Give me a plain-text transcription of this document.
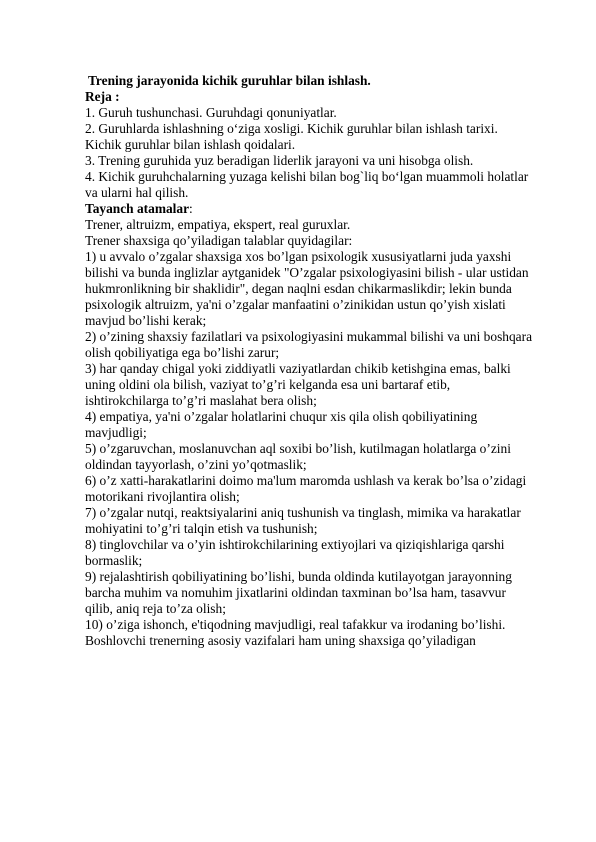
Trening jarayonida kichik guruhlar bilan ishlash.
Reja :
1. Guruh tushunchasi. Guruhdagi qonuniyatlar.
2. Guruhlarda ishlashning o‘ziga xosligi. Kichik guruhlar bilan ishlash tarixi.
Kichik guruhlar bilan ishlash qoidalari.
3. Trening guruhida yuz beradigan liderlik jarayoni va uni hisobga olish.
4. Kichik guruhchalarning yuzaga kelishi bilan bog`liq bo‘lgan muammoli holatlar
va ularni hal qilish.
Tayanch atamalar:
Trener, altruizm, empatiya, ekspert, real guruxlar.
Trener shaxsiga qo’yiladigan talablar quyidagilar:
1) u avvalo o’zgalar shaxsiga xos bo’lgan psixologik xususiyatlarni juda yaxshi
bilishi va bunda inglizlar aytganidek "O’zgalar psixologiyasini bilish - ular ustidan
hukmronlikning bir shaklidir", degan naqlni esdan chikarmaslikdir; lekin bunda
psixologik altruizm, ya'ni o’zgalar manfaatini o’zinikidan ustun qo’yish xislati
mavjud bo’lishi kerak;
2) o’zining shaxsiy fazilatlari va psixologiyasini mukammal bilishi va uni boshqara
olish qobiliyatiga ega bo’lishi zarur;
3) har qanday chigal yoki ziddiyatli vaziyatlardan chikib ketishgina emas, balki
uning oldini ola bilish, vaziyat to’g’ri kelganda esa uni bartaraf etib,
ishtirokchilarga to’g’ri maslahat bera olish;
4) empatiya, ya'ni o’zgalar holatlarini chuqur xis qila olish qobiliyatining
mavjudligi;
5) o’zgaruvchan, moslanuvchan aql soxibi bo’lish, kutilmagan holatlarga o’zini
oldindan tayyorlash, o’zini yo’qotmaslik;
6) o’z xatti-harakatlarini doimo ma'lum maromda ushlash va kerak bo’lsa o’zidagi
motorikani rivojlantira olish;
7) o’zgalar nutqi, reaktsiyalarini aniq tushunish va tinglash, mimika va harakatlar
mohiyatini to’g’ri talqin etish va tushunish;
8) tinglovchilar va o’yin ishtirokchilarining extiyojlari va qiziqishlariga qarshi
bormaslik;
9) rejalashtirish qobiliyatining bo’lishi, bunda oldinda kutilayotgan jarayonning
barcha muhim va nomuhim jixatlarini oldindan taxminan bo’lsa ham, tasavvur
qilib, aniq reja to’za olish;
10) o’ziga ishonch, e'tiqodning mavjudligi, real tafakkur va irodaning bo’lishi.
Boshlovchi trenerning asosiy vazifalari ham uning shaxsiga qo’yiladigan
